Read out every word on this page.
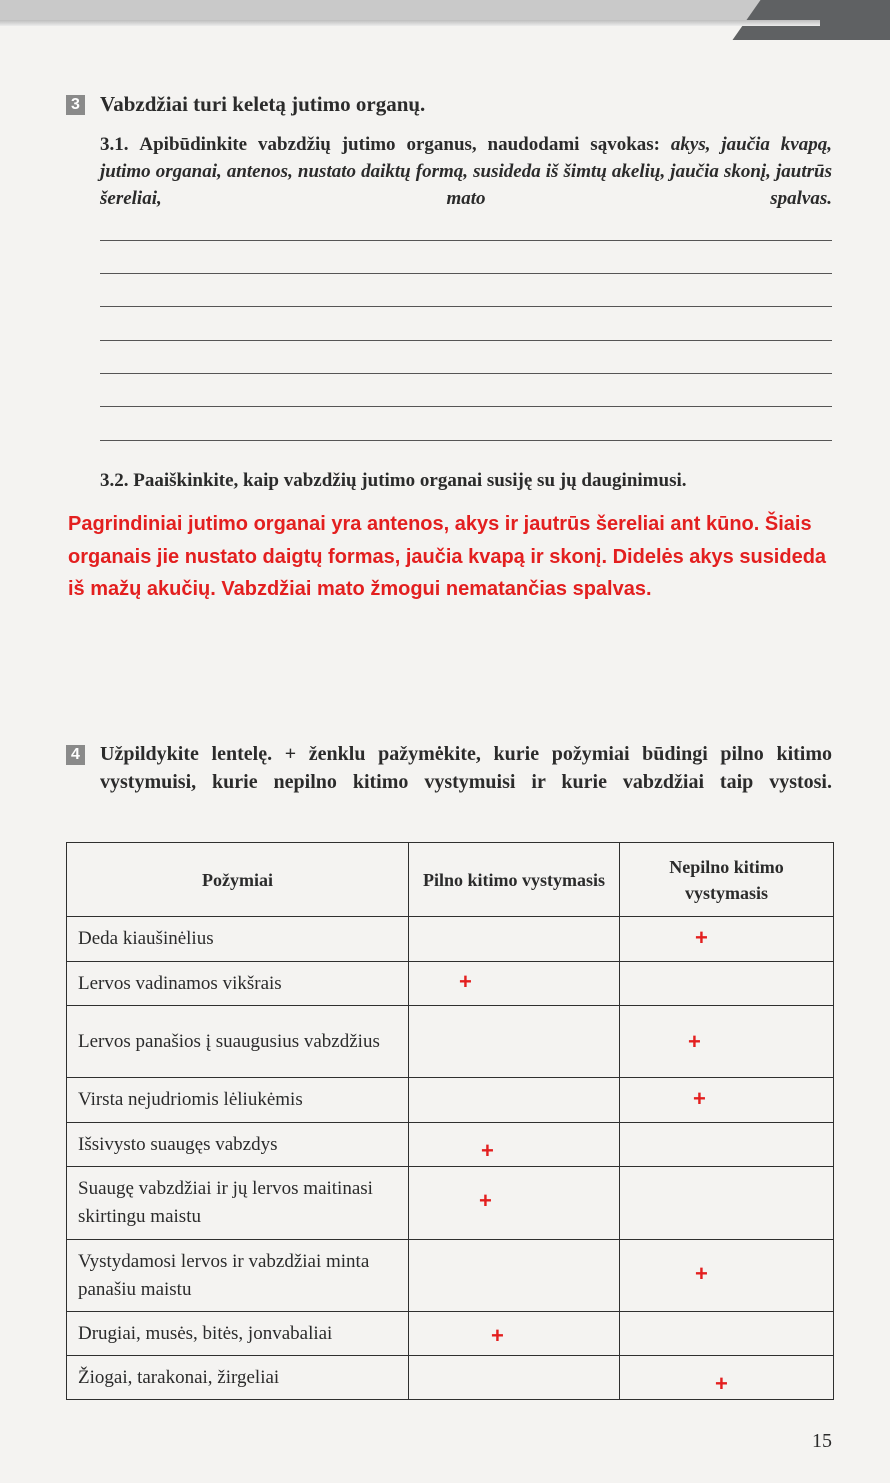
3 Vabzdžiai turi keletą jutimo organų.
3.1. Apibūdinkite vabzdžių jutimo organus, naudodami sąvokas: akys, jaučia kvapą, jutimo organai, antenos, nustato daiktų formą, susideda iš šimtų akelių, jaučia skonį, jautrūs šereliai, mato spalvas.
3.2. Paaiškinkite, kaip vabzdžių jutimo organai susiję su jų dauginimusi.
Pagrindiniai jutimo organai yra antenos, akys ir jautrūs šereliai ant kūno. Šiais organais jie nustato daigtų formas, jaučia kvapą ir skonį. Didelės akys susideda iš mažų akučių. Vabzdžiai mato žmogui nematančias spalvas.
4 Užpildykite lentelę. + ženklu pažymėkite, kurie požymiai būdingi pilno kitimo vystymuisi, kurie nepilno kitimo vystymuisi ir kurie vabzdžiai taip vystosi.
Požymiai	Pilno kitimo vystymasis	Nepilno kitimo vystymasis
Deda kiaušinėlius		+

Lervos vadinamos vikšrais	+	

Lervos panašios į suaugusius vabzdžius		+

Virsta nejudriomis lėliukėmis		+

Išsivysto suaugęs vabzdys	+	

Suaugę vabzdžiai ir jų lervos maitinasi skirtingu maistu	+	

Vystydamosi lervos ir vabzdžiai minta panašiu maistu		+

Drugiai, musės, bitės, jonvabaliai	+	

Žiogai, tarakonai, žirgeliai		+
15
